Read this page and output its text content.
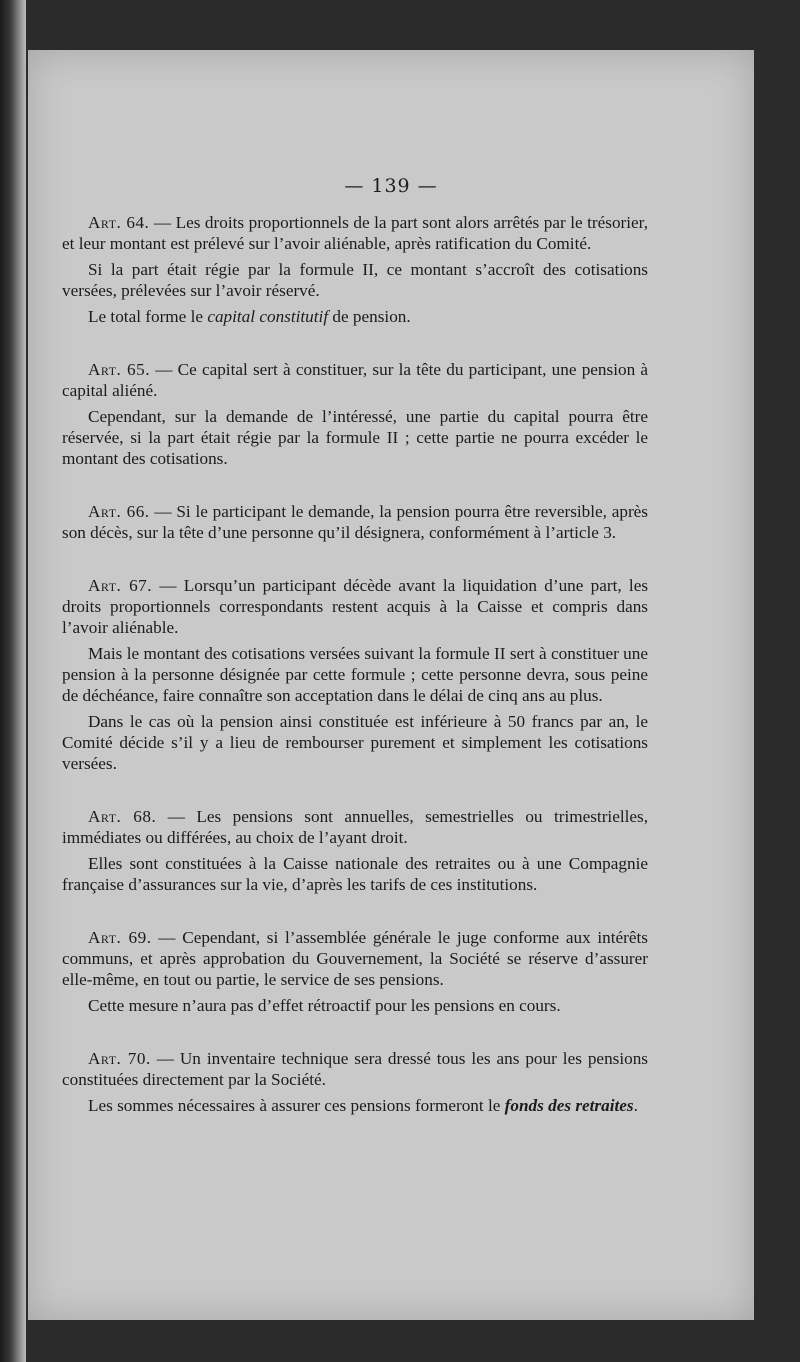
— 139 —

Art. 64. — Les droits proportionnels de la part sont alors arrêtés par le trésorier, et leur montant est prélevé sur l’avoir aliénable, après ratification du Comité.

Si la part était régie par la formule II, ce montant s’accroît des cotisations versées, prélevées sur l’avoir réservé.

Le total forme le capital constitutif de pension.

Art. 65. — Ce capital sert à constituer, sur la tête du participant, une pension à capital aliéné.

Cependant, sur la demande de l’intéressé, une partie du capital pourra être réservée, si la part était régie par la formule II ; cette partie ne pourra excéder le montant des cotisations.

Art. 66. — Si le participant le demande, la pension pourra être reversible, après son décès, sur la tête d’une personne qu’il désignera, conformément à l’article 3.

Art. 67. — Lorsqu’un participant décède avant la liquidation d’une part, les droits proportionnels correspondants restent acquis à la Caisse et compris dans l’avoir aliénable.

Mais le montant des cotisations versées suivant la formule II sert à constituer une pension à la personne désignée par cette formule ; cette personne devra, sous peine de déchéance, faire connaître son acceptation dans le délai de cinq ans au plus.

Dans le cas où la pension ainsi constituée est inférieure à 50 francs par an, le Comité décide s’il y a lieu de rembourser purement et simplement les cotisations versées.

Art. 68. — Les pensions sont annuelles, semestrielles ou trimestrielles, immédiates ou différées, au choix de l’ayant droit.

Elles sont constituées à la Caisse nationale des retraites ou à une Compagnie française d’assurances sur la vie, d’après les tarifs de ces institutions.

Art. 69. — Cependant, si l’assemblée générale le juge conforme aux intérêts communs, et après approbation du Gouvernement, la Société se réserve d’assurer elle-même, en tout ou partie, le service de ses pensions.

Cette mesure n’aura pas d’effet rétroactif pour les pensions en cours.

Art. 70. — Un inventaire technique sera dressé tous les ans pour les pensions constituées directement par la Société.

Les sommes nécessaires à assurer ces pensions formeront le fonds des retraites.
